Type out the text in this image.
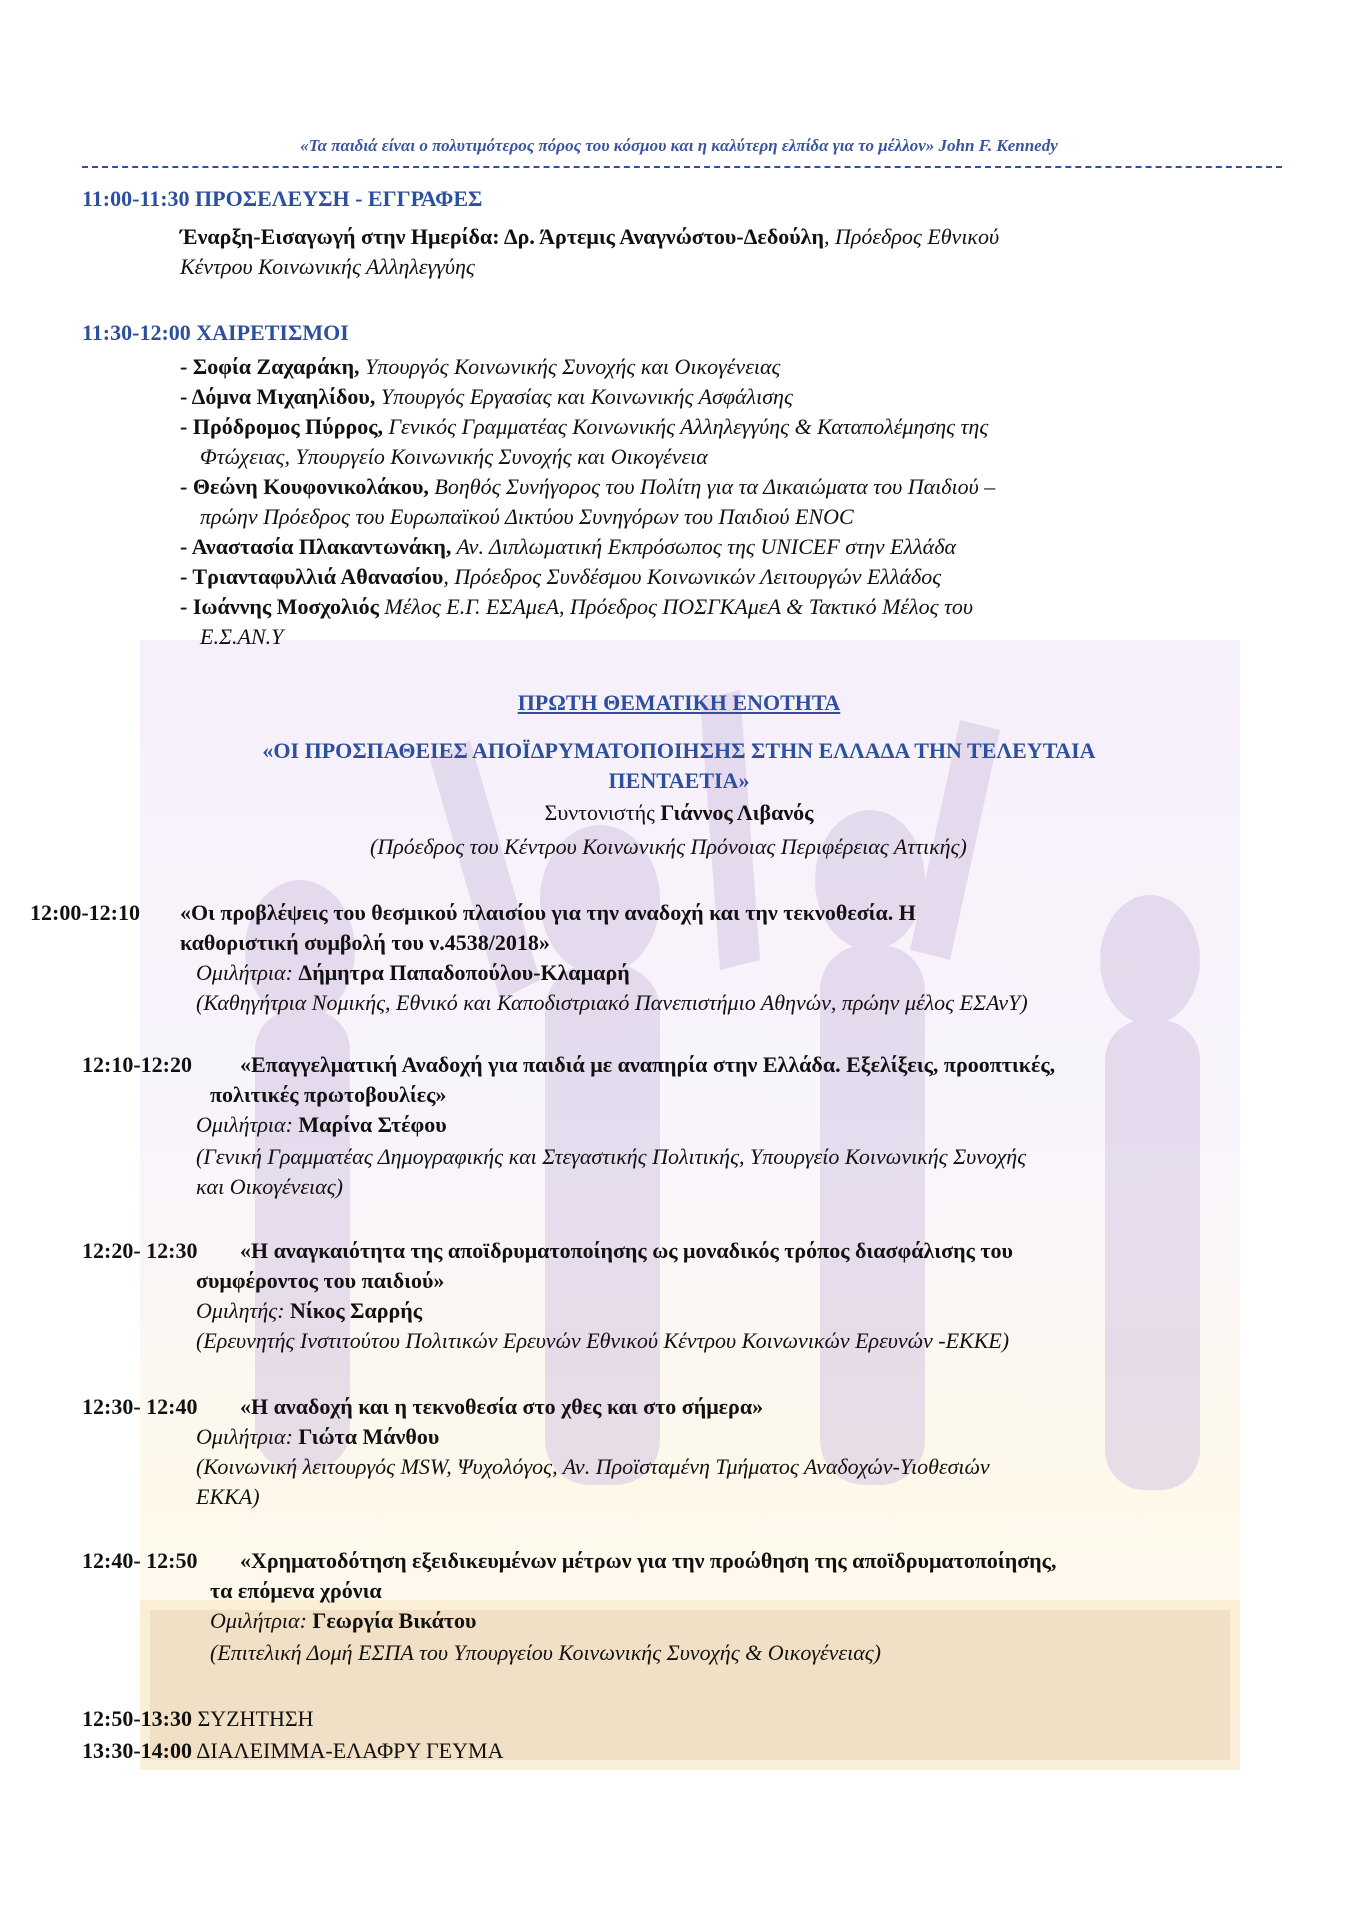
«Τα παιδιά είναι ο πολυτιμότερος πόρος του κόσμου και η καλύτερη ελπίδα για το μέλλον» John F. Kennedy
11:00-11:30 ΠΡΟΣΕΛΕΥΣΗ - ΕΓΓΡΑΦΕΣ
Έναρξη-Εισαγωγή στην Ημερίδα: Δρ. Άρτεμις Αναγνώστου-Δεδούλη, Πρόεδρος Εθνικού
Κέντρου Κοινωνικής Αλληλεγγύης
11:30-12:00 ΧΑΙΡΕΤΙΣΜΟΙ
- Σοφία Ζαχαράκη, Υπουργός Κοινωνικής Συνοχής και Οικογένειας
- Δόμνα Μιχαηλίδου, Υπουργός Εργασίας και Κοινωνικής Ασφάλισης
- Πρόδρομος Πύρρος, Γενικός Γραμματέας Κοινωνικής Αλληλεγγύης & Καταπολέμησης της
Φτώχειας, Υπουργείο Κοινωνικής Συνοχής και Οικογένεια
- Θεώνη Κουφονικολάκου, Βοηθός Συνήγορος του Πολίτη για τα Δικαιώματα του Παιδιού –
πρώην Πρόεδρος του Ευρωπαϊκού Δικτύου Συνηγόρων του Παιδιού ENOC
- Αναστασία Πλακαντωνάκη, Αν. Διπλωματική Εκπρόσωπος της UNICEF στην Ελλάδα
- Τριανταφυλλιά Αθανασίου, Πρόεδρος Συνδέσμου Κοινωνικών Λειτουργών Ελλάδος
- Ιωάννης Μοσχολιός Μέλος Ε.Γ. ΕΣΑμεΑ, Πρόεδρος ΠΟΣΓΚΑμεΑ & Τακτικό Μέλος του
Ε.Σ.ΑΝ.Υ
ΠΡΩΤΗ ΘΕΜΑΤΙΚΗ ΕΝΟΤΗΤΑ
«ΟΙ ΠΡΟΣΠΑΘΕΙΕΣ ΑΠΟΪΔΡΥΜΑΤΟΠΟΙΗΣΗΣ ΣΤΗΝ ΕΛΛΑΔΑ ΤΗΝ ΤΕΛΕΥΤΑΙΑ
ΠΕΝΤΑΕΤΙΑ»
Συντονιστής Γιάννος Λιβανός
(Πρόεδρος του Κέντρου Κοινωνικής Πρόνοιας Περιφέρειας Αττικής)
12:00-12:10 «Οι προβλέψεις του θεσμικού πλαισίου για την αναδοχή και την τεκνοθεσία. Η
καθοριστική συμβολή του ν.4538/2018»
Ομιλήτρια: Δήμητρα Παπαδοπούλου-Κλαμαρή
(Καθηγήτρια Νομικής, Εθνικό και Καποδιστριακό Πανεπιστήμιο Αθηνών, πρώην μέλος ΕΣΑνΥ)
12:10-12:20 «Επαγγελματική Αναδοχή για παιδιά με αναπηρία στην Ελλάδα. Εξελίξεις, προοπτικές,
πολιτικές πρωτοβουλίες»
Ομιλήτρια: Μαρίνα Στέφου
(Γενική Γραμματέας Δημογραφικής και Στεγαστικής Πολιτικής, Υπουργείο Κοινωνικής Συνοχής
και Οικογένειας)
12:20- 12:30 «Η αναγκαιότητα της αποϊδρυματοποίησης ως μοναδικός τρόπος διασφάλισης του
συμφέροντος του παιδιού»
Ομιλητής: Νίκος Σαρρής
(Ερευνητής Ινστιτούτου Πολιτικών Ερευνών Εθνικού Κέντρου Κοινωνικών Ερευνών -ΕΚΚΕ)
12:30- 12:40 «Η αναδοχή και η τεκνοθεσία στο χθες και στο σήμερα»
Ομιλήτρια: Γιώτα Μάνθου
(Κοινωνική λειτουργός MSW, Ψυχολόγος, Αν. Προϊσταμένη Τμήματος Αναδοχών-Υιοθεσιών
ΕΚΚΑ)
12:40- 12:50 «Χρηματοδότηση εξειδικευμένων μέτρων για την προώθηση της αποϊδρυματοποίησης,
τα επόμενα χρόνια
Ομιλήτρια: Γεωργία Βικάτου
(Επιτελική Δομή ΕΣΠΑ του Υπουργείου Κοινωνικής Συνοχής & Οικογένειας)
12:50-13:30 ΣΥΖΗΤΗΣΗ
13:30-14:00 ΔΙΑΛΕΙΜΜΑ-ΕΛΑΦΡΥ ΓΕΥΜΑ
